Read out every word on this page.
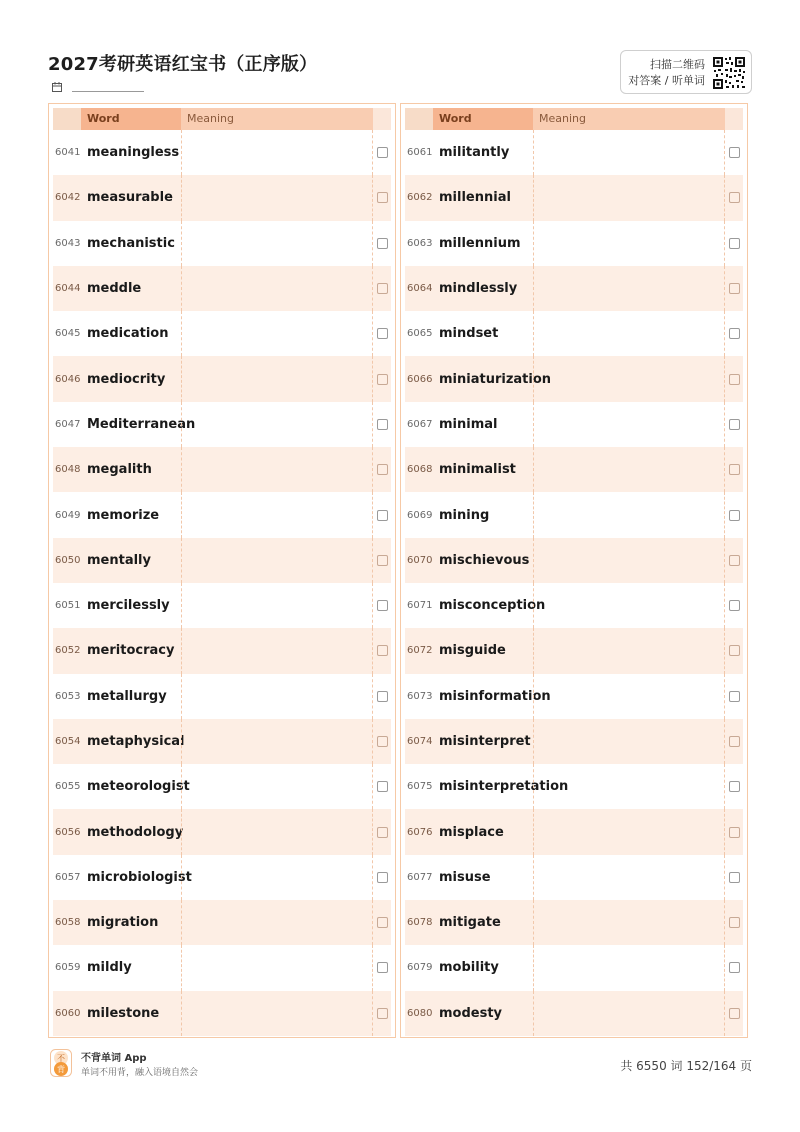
2027考研英语红宝书（正序版）	扫描二维码
对答案 / 听单词
Word	Meaning
6041 meaningless
6042 measurable
6043 mechanistic
6044 meddle
6045 medication
6046 mediocrity
6047 Mediterranean
6048 megalith
6049 memorize
6050 mentally
6051 mercilessly
6052 meritocracy
6053 metallurgy
6054 metaphysical
6055 meteorologist
6056 methodology
6057 microbiologist
6058 migration
6059 mildly
6060 milestone
Word	Meaning
6061 militantly
6062 millennial
6063 millennium
6064 mindlessly
6065 mindset
6066 miniaturization
6067 minimal
6068 minimalist
6069 mining
6070 mischievous
6071 misconception
6072 misguide
6073 misinformation
6074 misinterpret
6075 misinterpretation
6076 misplace
6077 misuse
6078 mitigate
6079 mobility
6080 modesty
不
背
不背单词 App
单词不用背，融入语境自然会	共 6550 词 152/164 页
